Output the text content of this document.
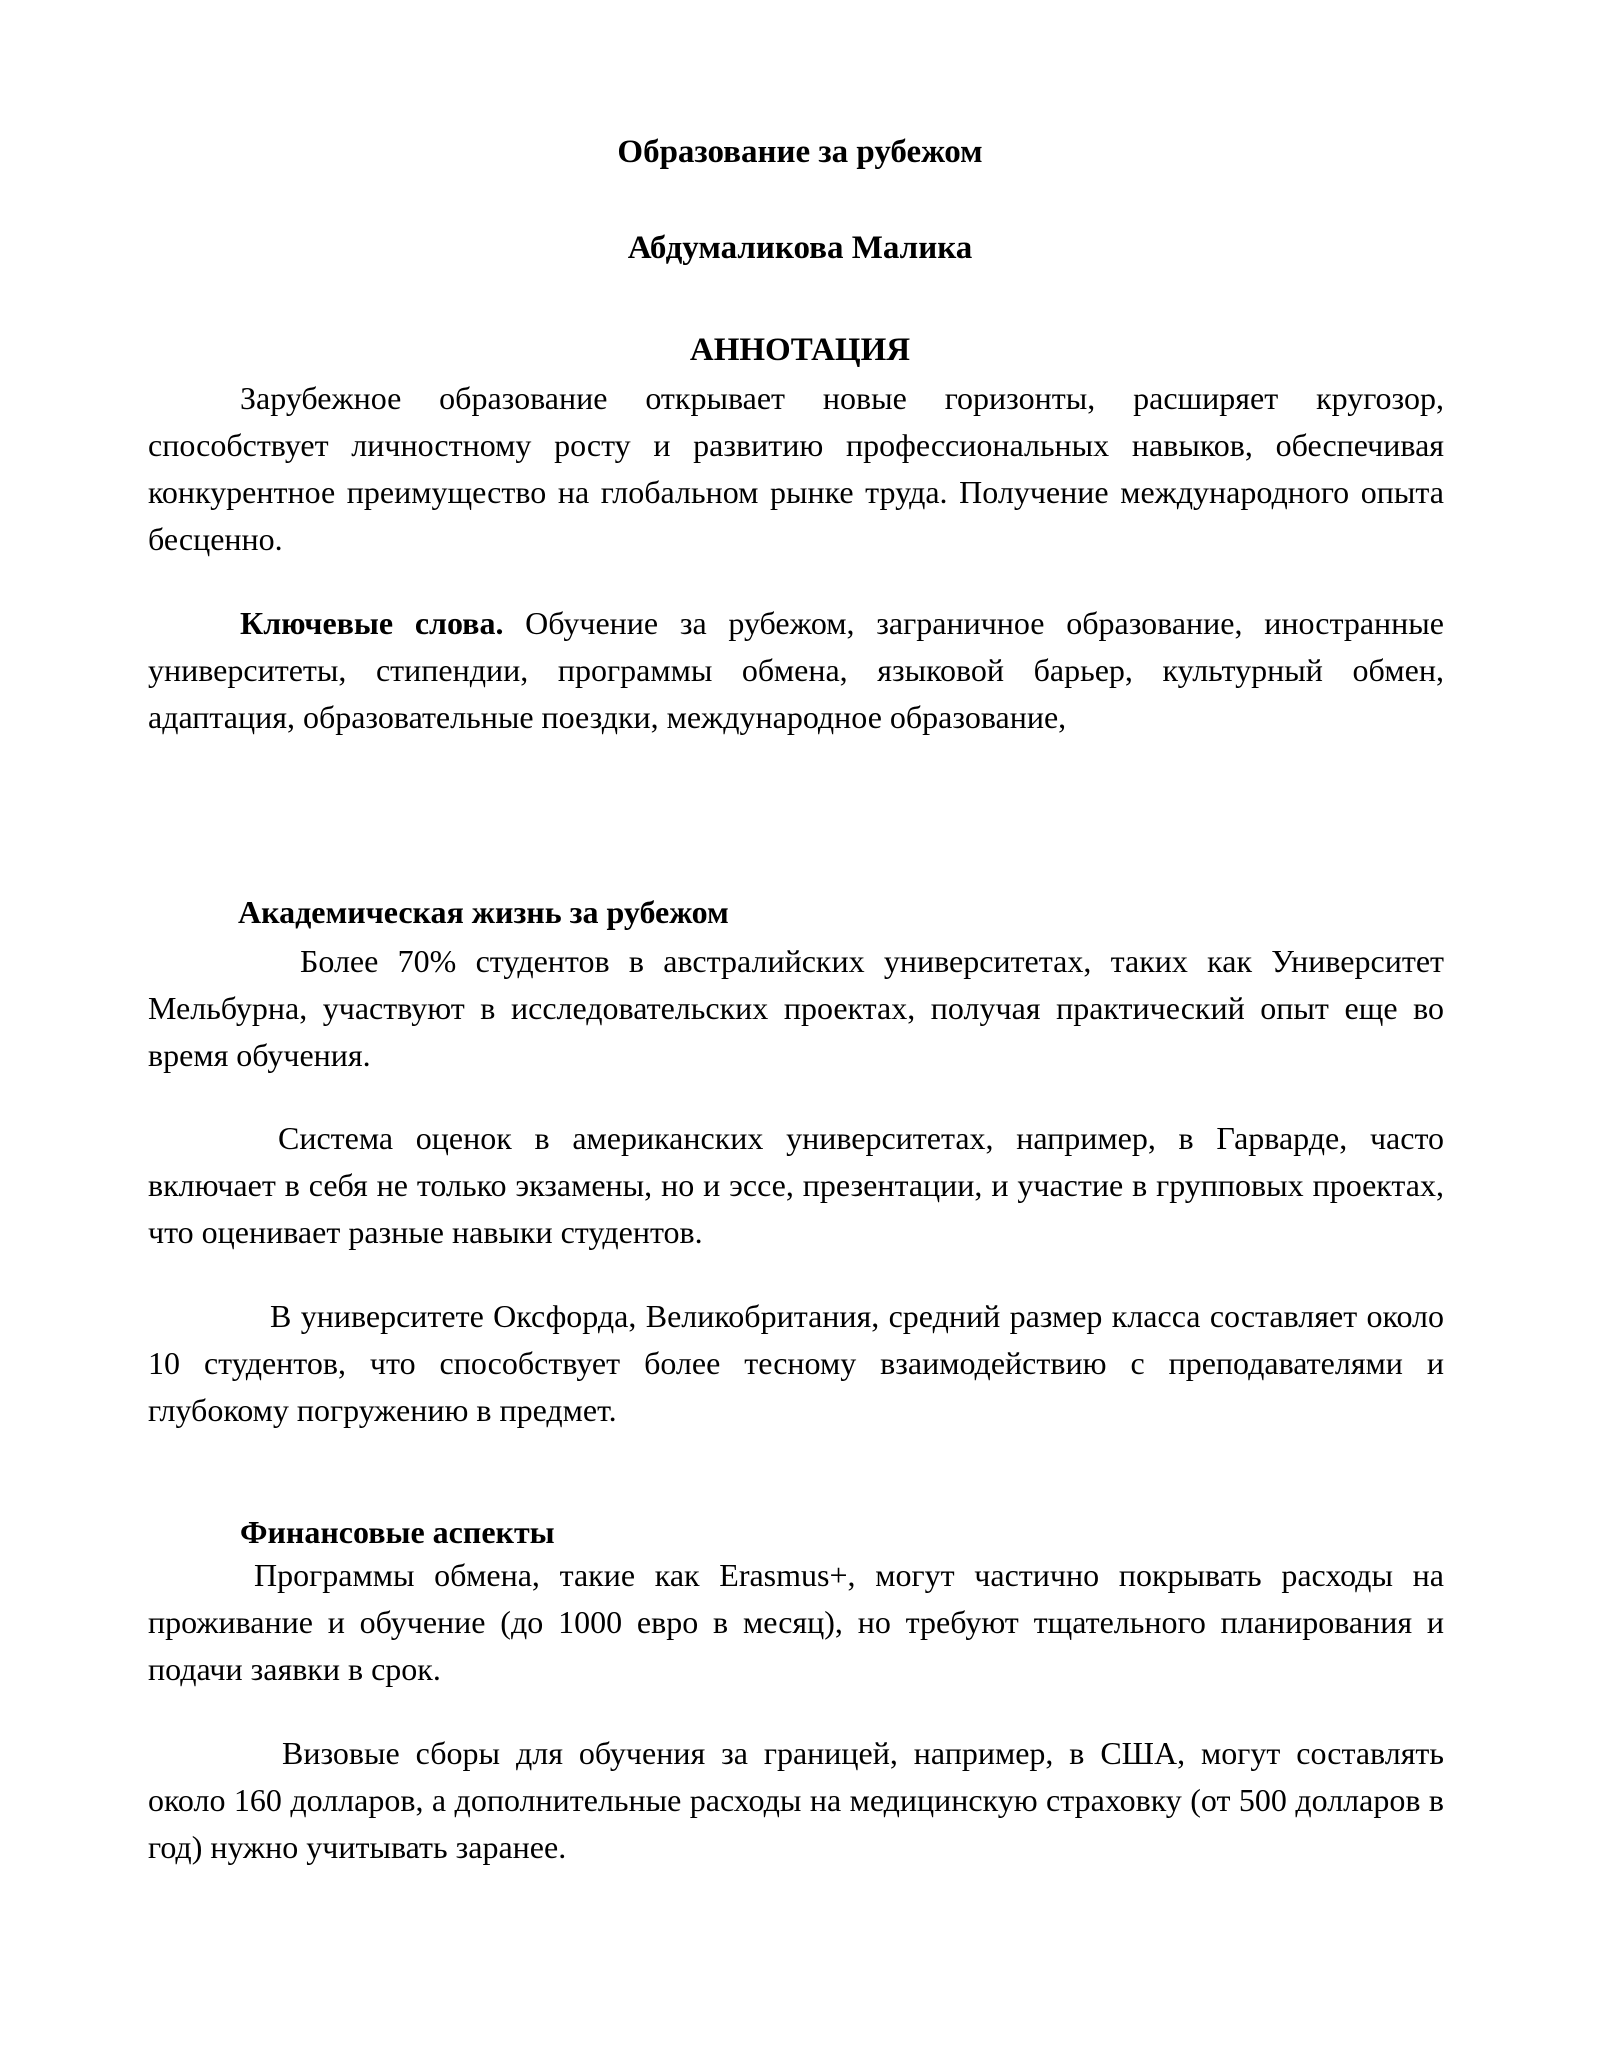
Образование за рубежом
Абдумаликова Малика
АННОТАЦИЯ
Зарубежное образование открывает новые горизонты, расширяет кругозор, способствует личностному росту и развитию профессиональных навыков, обеспечивая конкурентное преимущество на глобальном рынке труда. Получение международного опыта бесценно.
Ключевые слова. Обучение за рубежом, заграничное образование, иностранные университеты, стипендии, программы обмена, языковой барьер, культурный обмен, адаптация, образовательные поездки, международное образование,
Академическая жизнь за рубежом
Более 70% студентов в австралийских университетах, таких как Университет Мельбурна, участвуют в исследовательских проектах, получая практический опыт еще во время обучения.
Система оценок в американских университетах, например, в Гарварде, часто включает в себя не только экзамены, но и эссе, презентации, и участие в групповых проектах, что оценивает разные навыки студентов.
В университете Оксфорда, Великобритания, средний размер класса составляет около 10 студентов, что способствует более тесному взаимодействию с преподавателями и глубокому погружению в предмет.
Финансовые аспекты
Программы обмена, такие как Erasmus+, могут частично покрывать расходы на проживание и обучение (до 1000 евро в месяц), но требуют тщательного планирования и подачи заявки в срок.
Визовые сборы для обучения за границей, например, в США, могут составлять около 160 долларов, а дополнительные расходы на медицинскую страховку (от 500 долларов в год) нужно учитывать заранее.
